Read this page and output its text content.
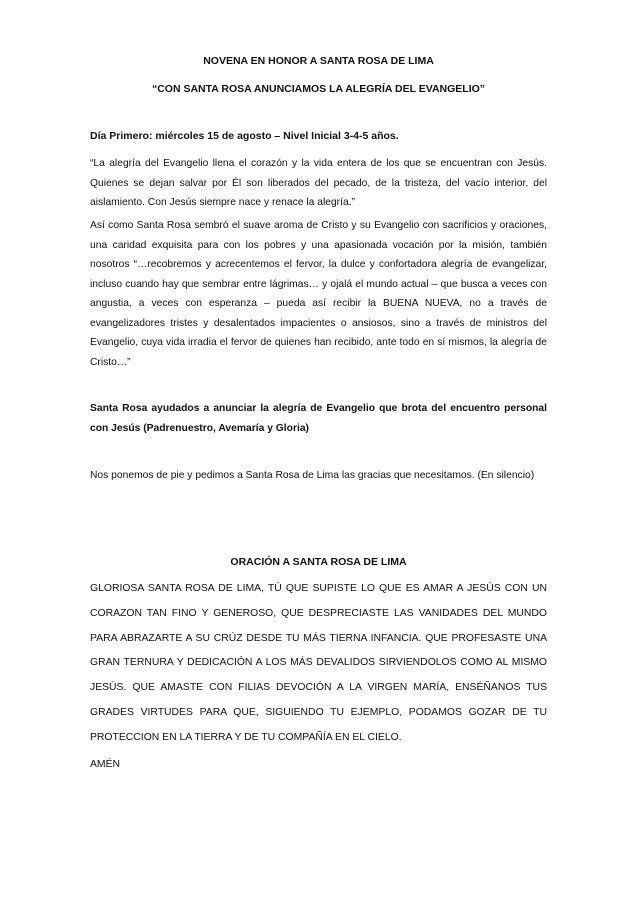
NOVENA EN HONOR A SANTA ROSA DE LIMA

“CON SANTA ROSA ANUNCIAMOS LA ALEGRÍA DEL EVANGELIO”

Día Primero: miércoles 15 de agosto – Nivel Inicial 3-4-5 años.

“La alegría del Evangelio llena el corazón y la vida entera de los que se encuentran con Jesús. Quienes se dejan salvar por Él son liberados del pecado, de la tristeza, del vacío interior, del aislamiento. Con Jesús siempre nace y renace la alegría.”

Así como Santa Rosa sembró el suave aroma de Cristo y su Evangelio con sacrificios y oraciones, una caridad exquisita para con los pobres y una apasionada vocación por la misión, también nosotros “…recobremos y acrecentemos el fervor, la dulce y confortadora alegría de evangelizar, incluso cuando hay que sembrar entre lágrimas… y ojalá el mundo actual – que busca a veces con angustia, a veces con esperanza – pueda así recibir la BUENA NUEVA, no a través de evangelizadores tristes y desalentados impacientes o ansiosos, sino a través de ministros del Evangelio, cuya vida irradia el fervor de quienes han recibido, ante todo en sí mismos, la alegría de Cristo…”

Santa Rosa ayudados a anunciar la alegría de Evangelio que brota del encuentro personal con Jesús (Padrenuestro, Avemaría y Gloria)

Nos ponemos de pie y pedimos a Santa Rosa de Lima las gracias que necesitamos. (En silencio)

ORACIÓN A SANTA ROSA DE LIMA

GLORIOSA SANTA ROSA DE LIMA, TÚ QUE SUPISTE LO QUE ES AMAR A JESÚS CON UN CORAZON TAN FINO Y GENEROSO, QUE DESPRECIASTE LAS VANIDADES DEL MUNDO PARA ABRAZARTE A SU CRÚZ DESDE TU MÁS TIERNA INFANCIA. QUE PROFESASTE UNA GRAN TERNURA Y DEDICACIÓN A LOS MÁS DEVALIDOS SIRVIENDOLOS COMO AL MISMO JESÚS. QUE AMASTE CON FILIAS DEVOCIÓN A LA VIRGEN MARÍA, ENSÉÑANOS TUS GRADES VIRTUDES PARA QUE, SIGUIENDO TU EJEMPLO, PODAMOS GOZAR DE TU PROTECCION EN LA TIERRA Y DE TU COMPAÑÍA EN EL CIELO.

AMÉN
